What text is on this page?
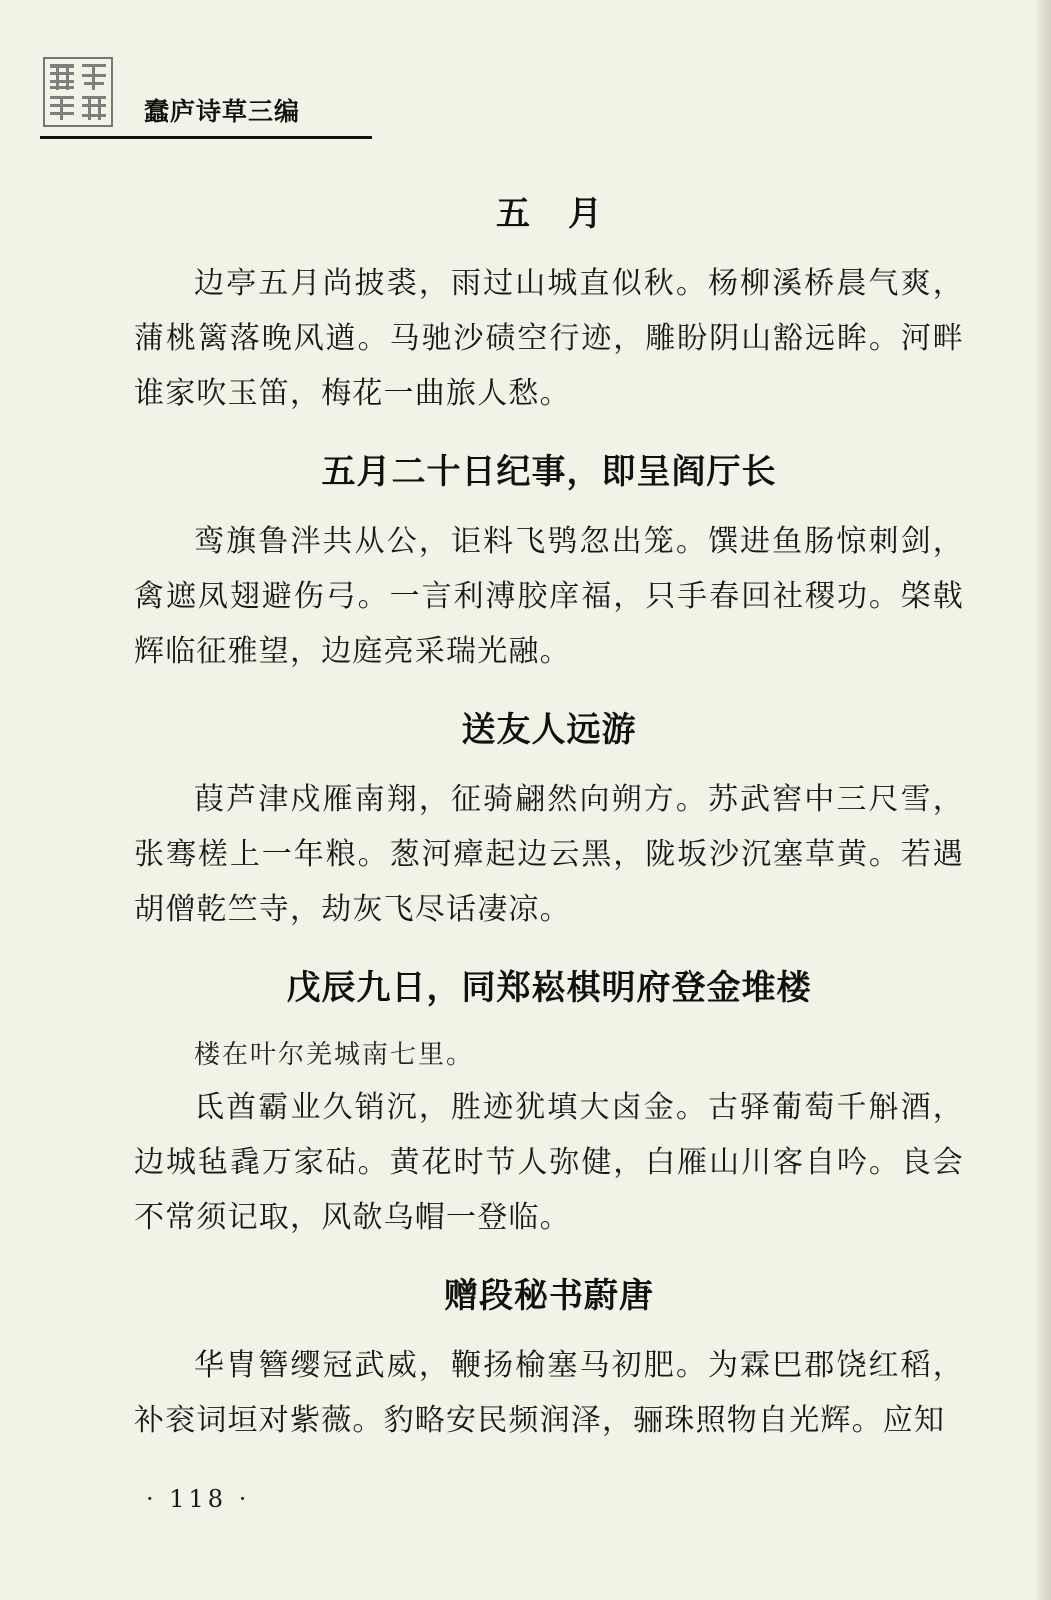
蠢庐诗草三编
五月

边亭五月尚披裘，雨过山城直似秋。杨柳溪桥晨气爽，蒲桃篱落晚风遒。马驰沙碛空行迹，雕盼阴山豁远眸。河畔谁家吹玉笛，梅花一曲旅人愁。

五月二十日纪事，即呈阎厅长

鸾旗鲁泮共从公，讵料飞鸮忽出笼。馔进鱼肠惊刺剑，禽遮凤翅避伤弓。一言利溥胶庠福，只手春回社稷功。棨戟辉临征雅望，边庭亮采瑞光融。

送友人远游

葭芦津戍雁南翔，征骑翩然向朔方。苏武窖中三尺雪，张骞槎上一年粮。葱河瘴起边云黑，陇坂沙沉塞草黄。若遇胡僧乾竺寺，劫灰飞尽话凄凉。

戊辰九日，同郑崧棋明府登金堆楼

楼在叶尔羌城南七里。

氐酋霸业久销沉，胜迹犹填大卤金。古驿葡萄千斛酒，边城毡毳万家砧。黄花时节人弥健，白雁山川客自吟。良会不常须记取，风欹乌帽一登临。

赠段秘书蔚唐

华胄簪缨冠武威，鞭扬榆塞马初肥。为霖巴郡饶红稻，补衮词垣对紫薇。豹略安民频润泽，骊珠照物自光辉。应知

· 118 ·
